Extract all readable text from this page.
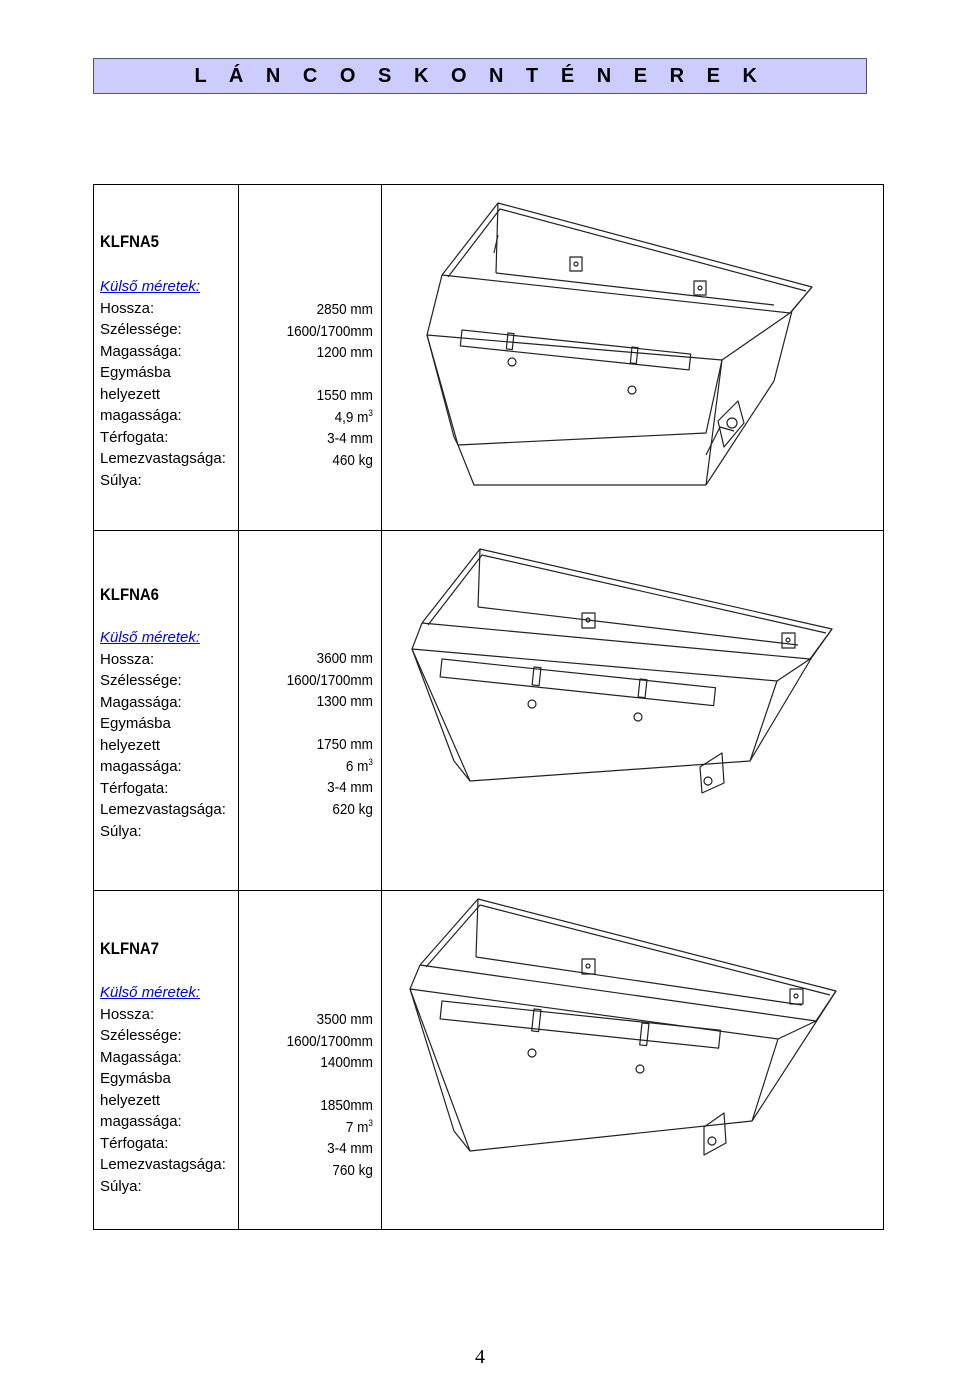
L Á N C O S K O N T É N E R E K
KLFNA5
Külső méretek:
Hossza:
Szélessége:
Magassága:
Egymásba
helyezett
magassága:
Térfogata:
Lemezvastagsága:
Súlya:
2850 mm
1600/1700mm
1200 mm
1550 mm
4,9 $m^3$
3-4 mm
460 kg
KLFNA6
Külső méretek:
Hossza:
Szélessége:
Magassága:
Egymásba
helyezett
magassága:
Térfogata:
Lemezvastagsága:
Súlya:
3600 mm
1600/1700mm
1300 mm
1750 mm
6 $m^3$
3-4 mm
620 kg
KLFNA7
Külső méretek:
Hossza:
Szélessége:
Magassága:
Egymásba
helyezett
magassága:
Térfogata:
Lemezvastagsága:
Súlya:
3500 mm
1600/1700mm
1400mm
1850mm
7 $m^3$
3-4 mm
760 kg
4
